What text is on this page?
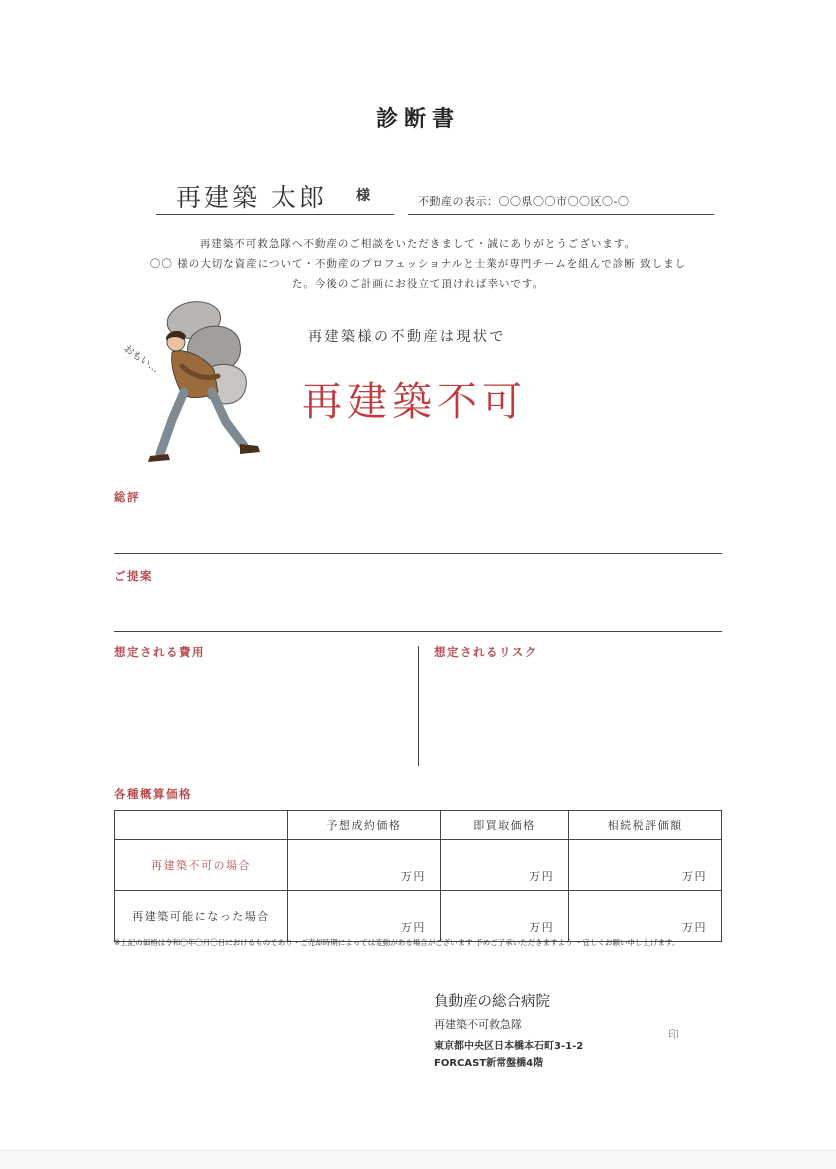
診断書
再建築 太郎 様	不動産の表示：〇〇県〇〇市〇〇区〇-〇
再建築不可救急隊へ不動産のご相談をいただきまして・誠にありがとうございます。
〇〇 様の大切な資産について・不動産のプロフェッショナルと士業が専門チームを組んで診断 致しまし
た。今後のご計画にお役立て頂ければ幸いです。
おもい…
再建築様の不動産は現状で
再建築不可
総評
ご提案
想定される費用	想定されるリスク
各種概算価格
	予想成約価格	即買取価格	相続税評価額
再建築不可の場合	万円	万円	万円
再建築可能になった場合	万円	万円	万円
※上記の価格は令和〇年〇月〇日におけるものであり・ご売却時期によっては変動がある場合がございます 予めご了承いただきますよう ・宜しくお願い申し上げます。
負動産の総合病院
再建築不可救急隊
東京都中央区日本橋本石町3-1-2
FORCAST新常盤橋4階
印
